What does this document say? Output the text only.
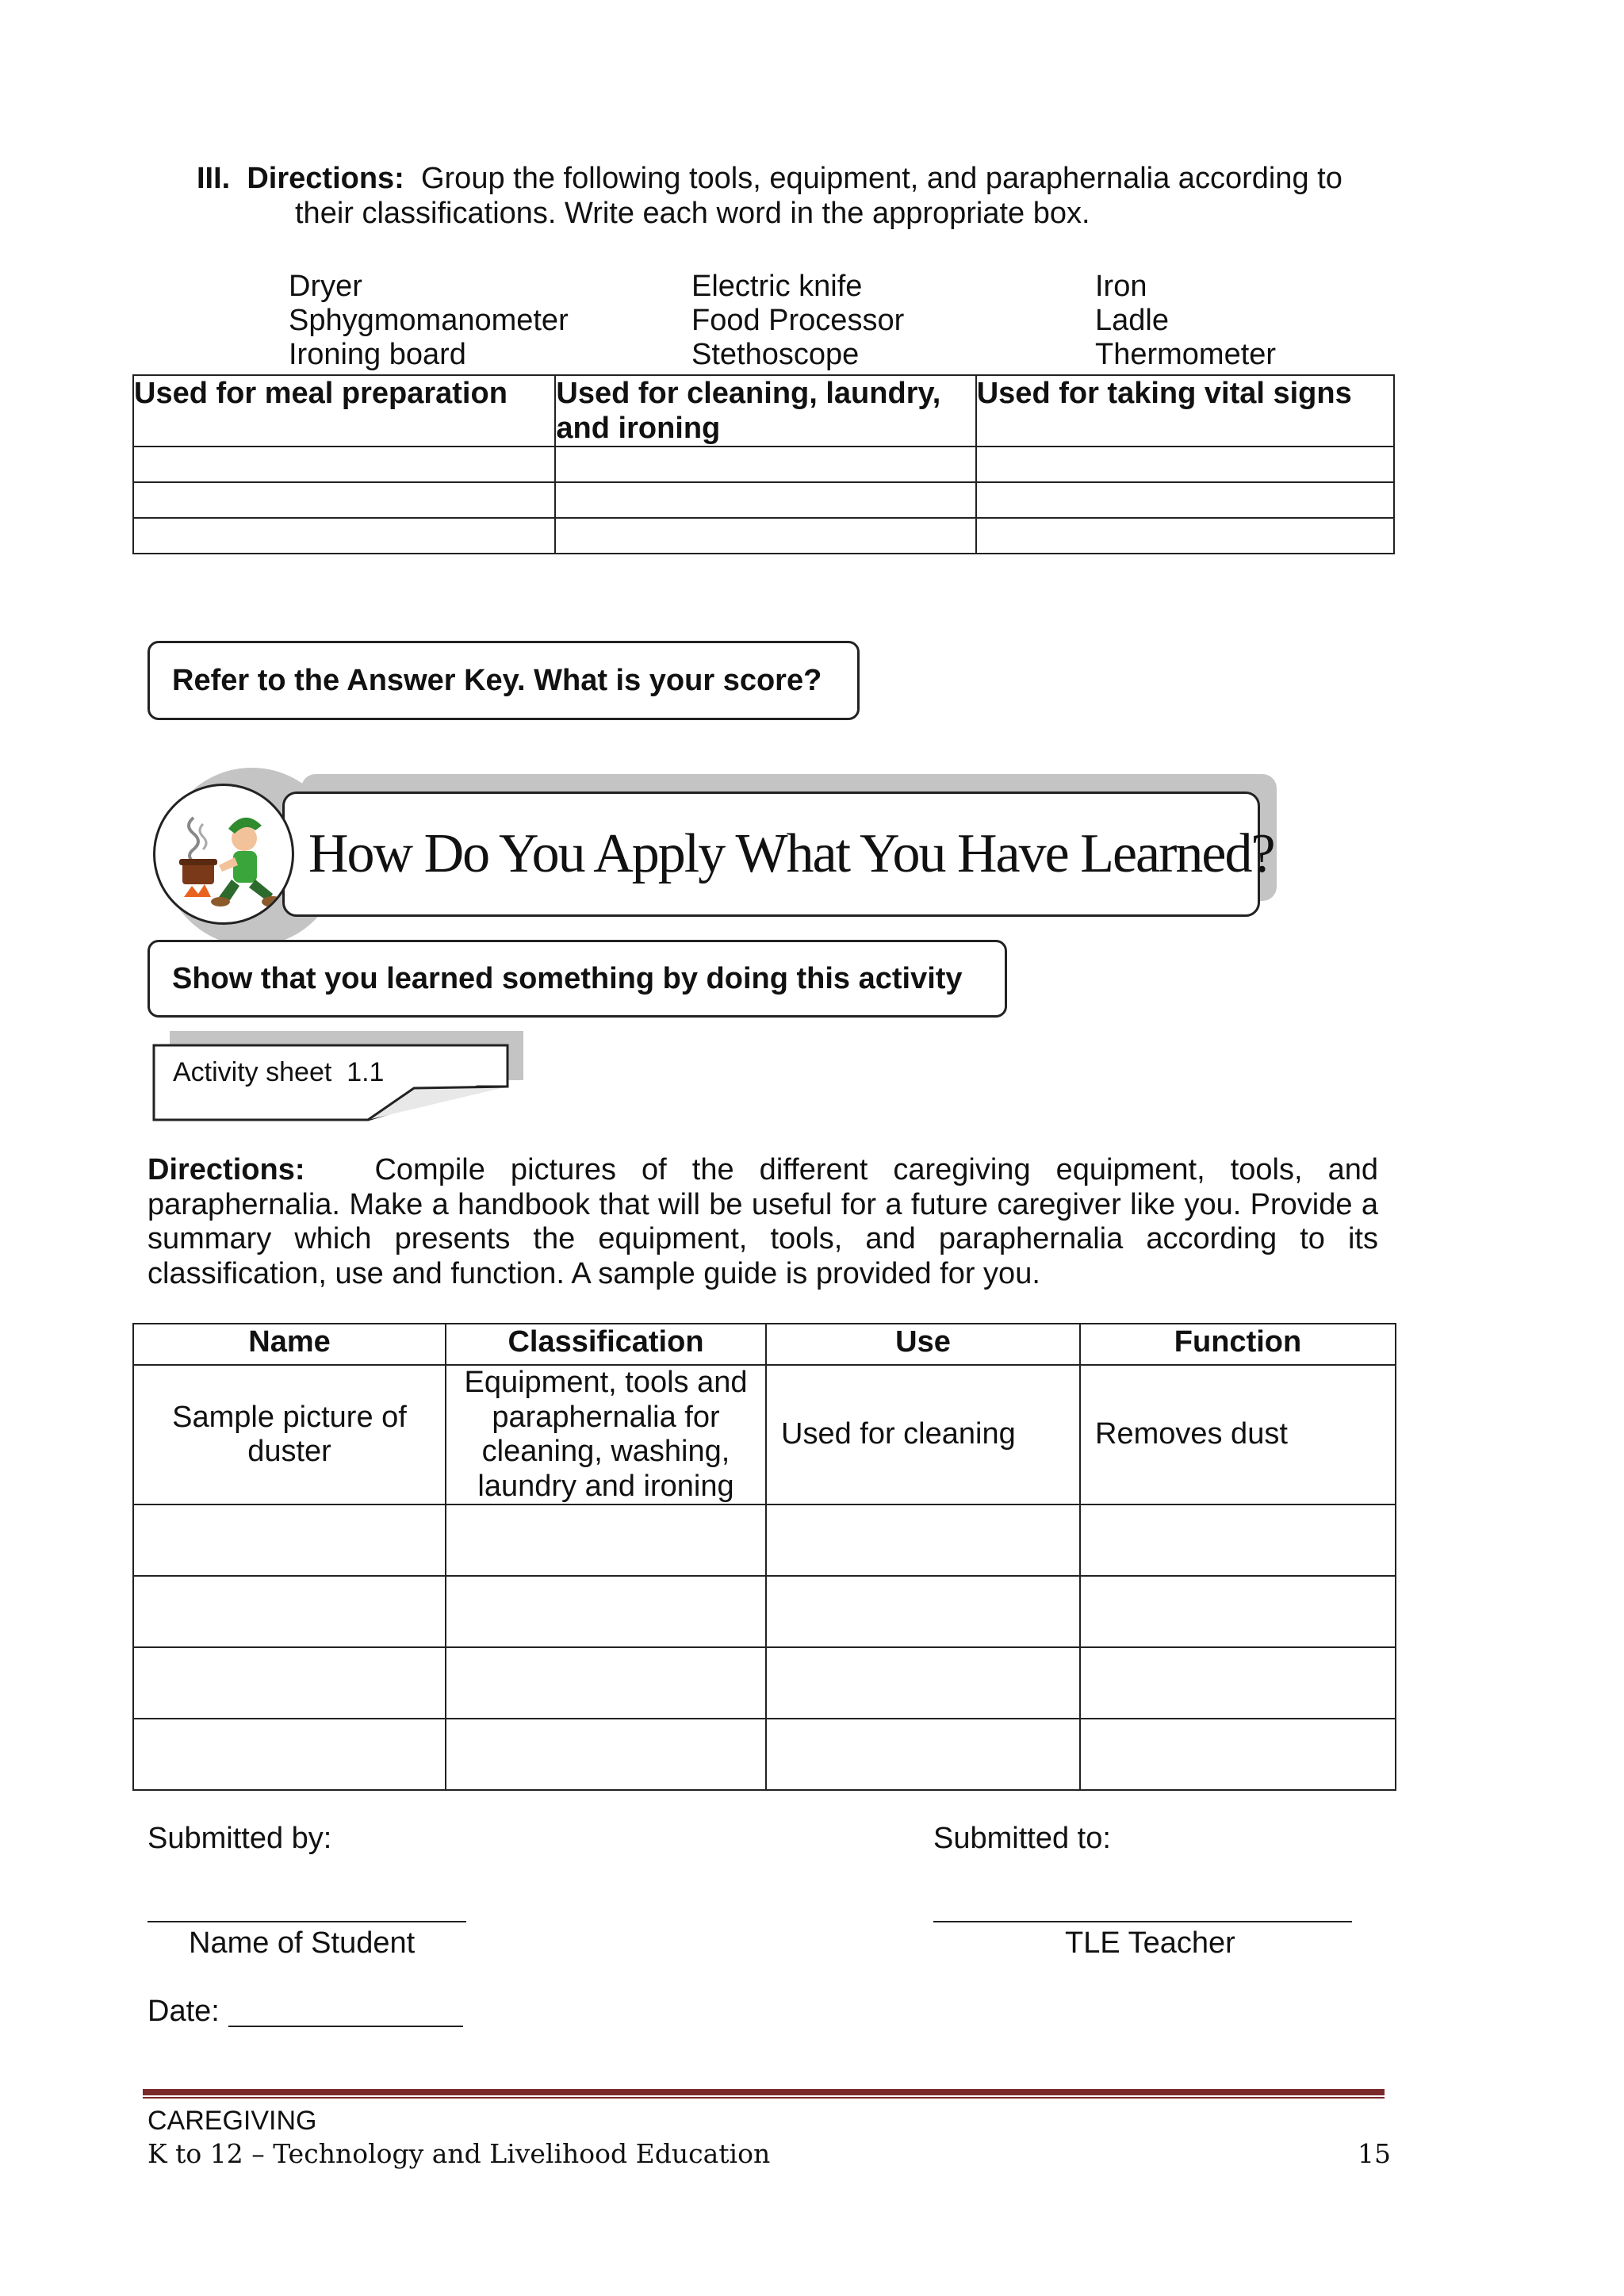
III. Directions: Group the following tools, equipment, and paraphernalia according to
their classifications. Write each word in the appropriate box.
Dryer
Sphygmomanometer
Ironing board
Electric knife
Food Processor
Stethoscope
Iron
Ladle
Thermometer
Used for meal preparation	Used for cleaning, laundry, and ironing	Used for taking vital signs

Refer to the Answer Key. What is your score?
How Do You Apply What You Have Learned?
Show that you learned something by doing this activity
Activity sheet  1.1
Directions: Compile pictures of the different caregiving equipment, tools, and paraphernalia. Make a handbook that will be useful for a future caregiver like you. Provide a summary which presents the equipment, tools, and paraphernalia according to its classification, use and function. A sample guide is provided for you.
Name	Classification	Use	Function
Sample picture of duster	Equipment, tools and paraphernalia for cleaning, washing, laundry and ironing	Used for cleaning	Removes dust

Submitted by:	Submitted to:
Name of Student	TLE Teacher
Date:
CAREGIVING
K to 12 – Technology and Livelihood Education	15
